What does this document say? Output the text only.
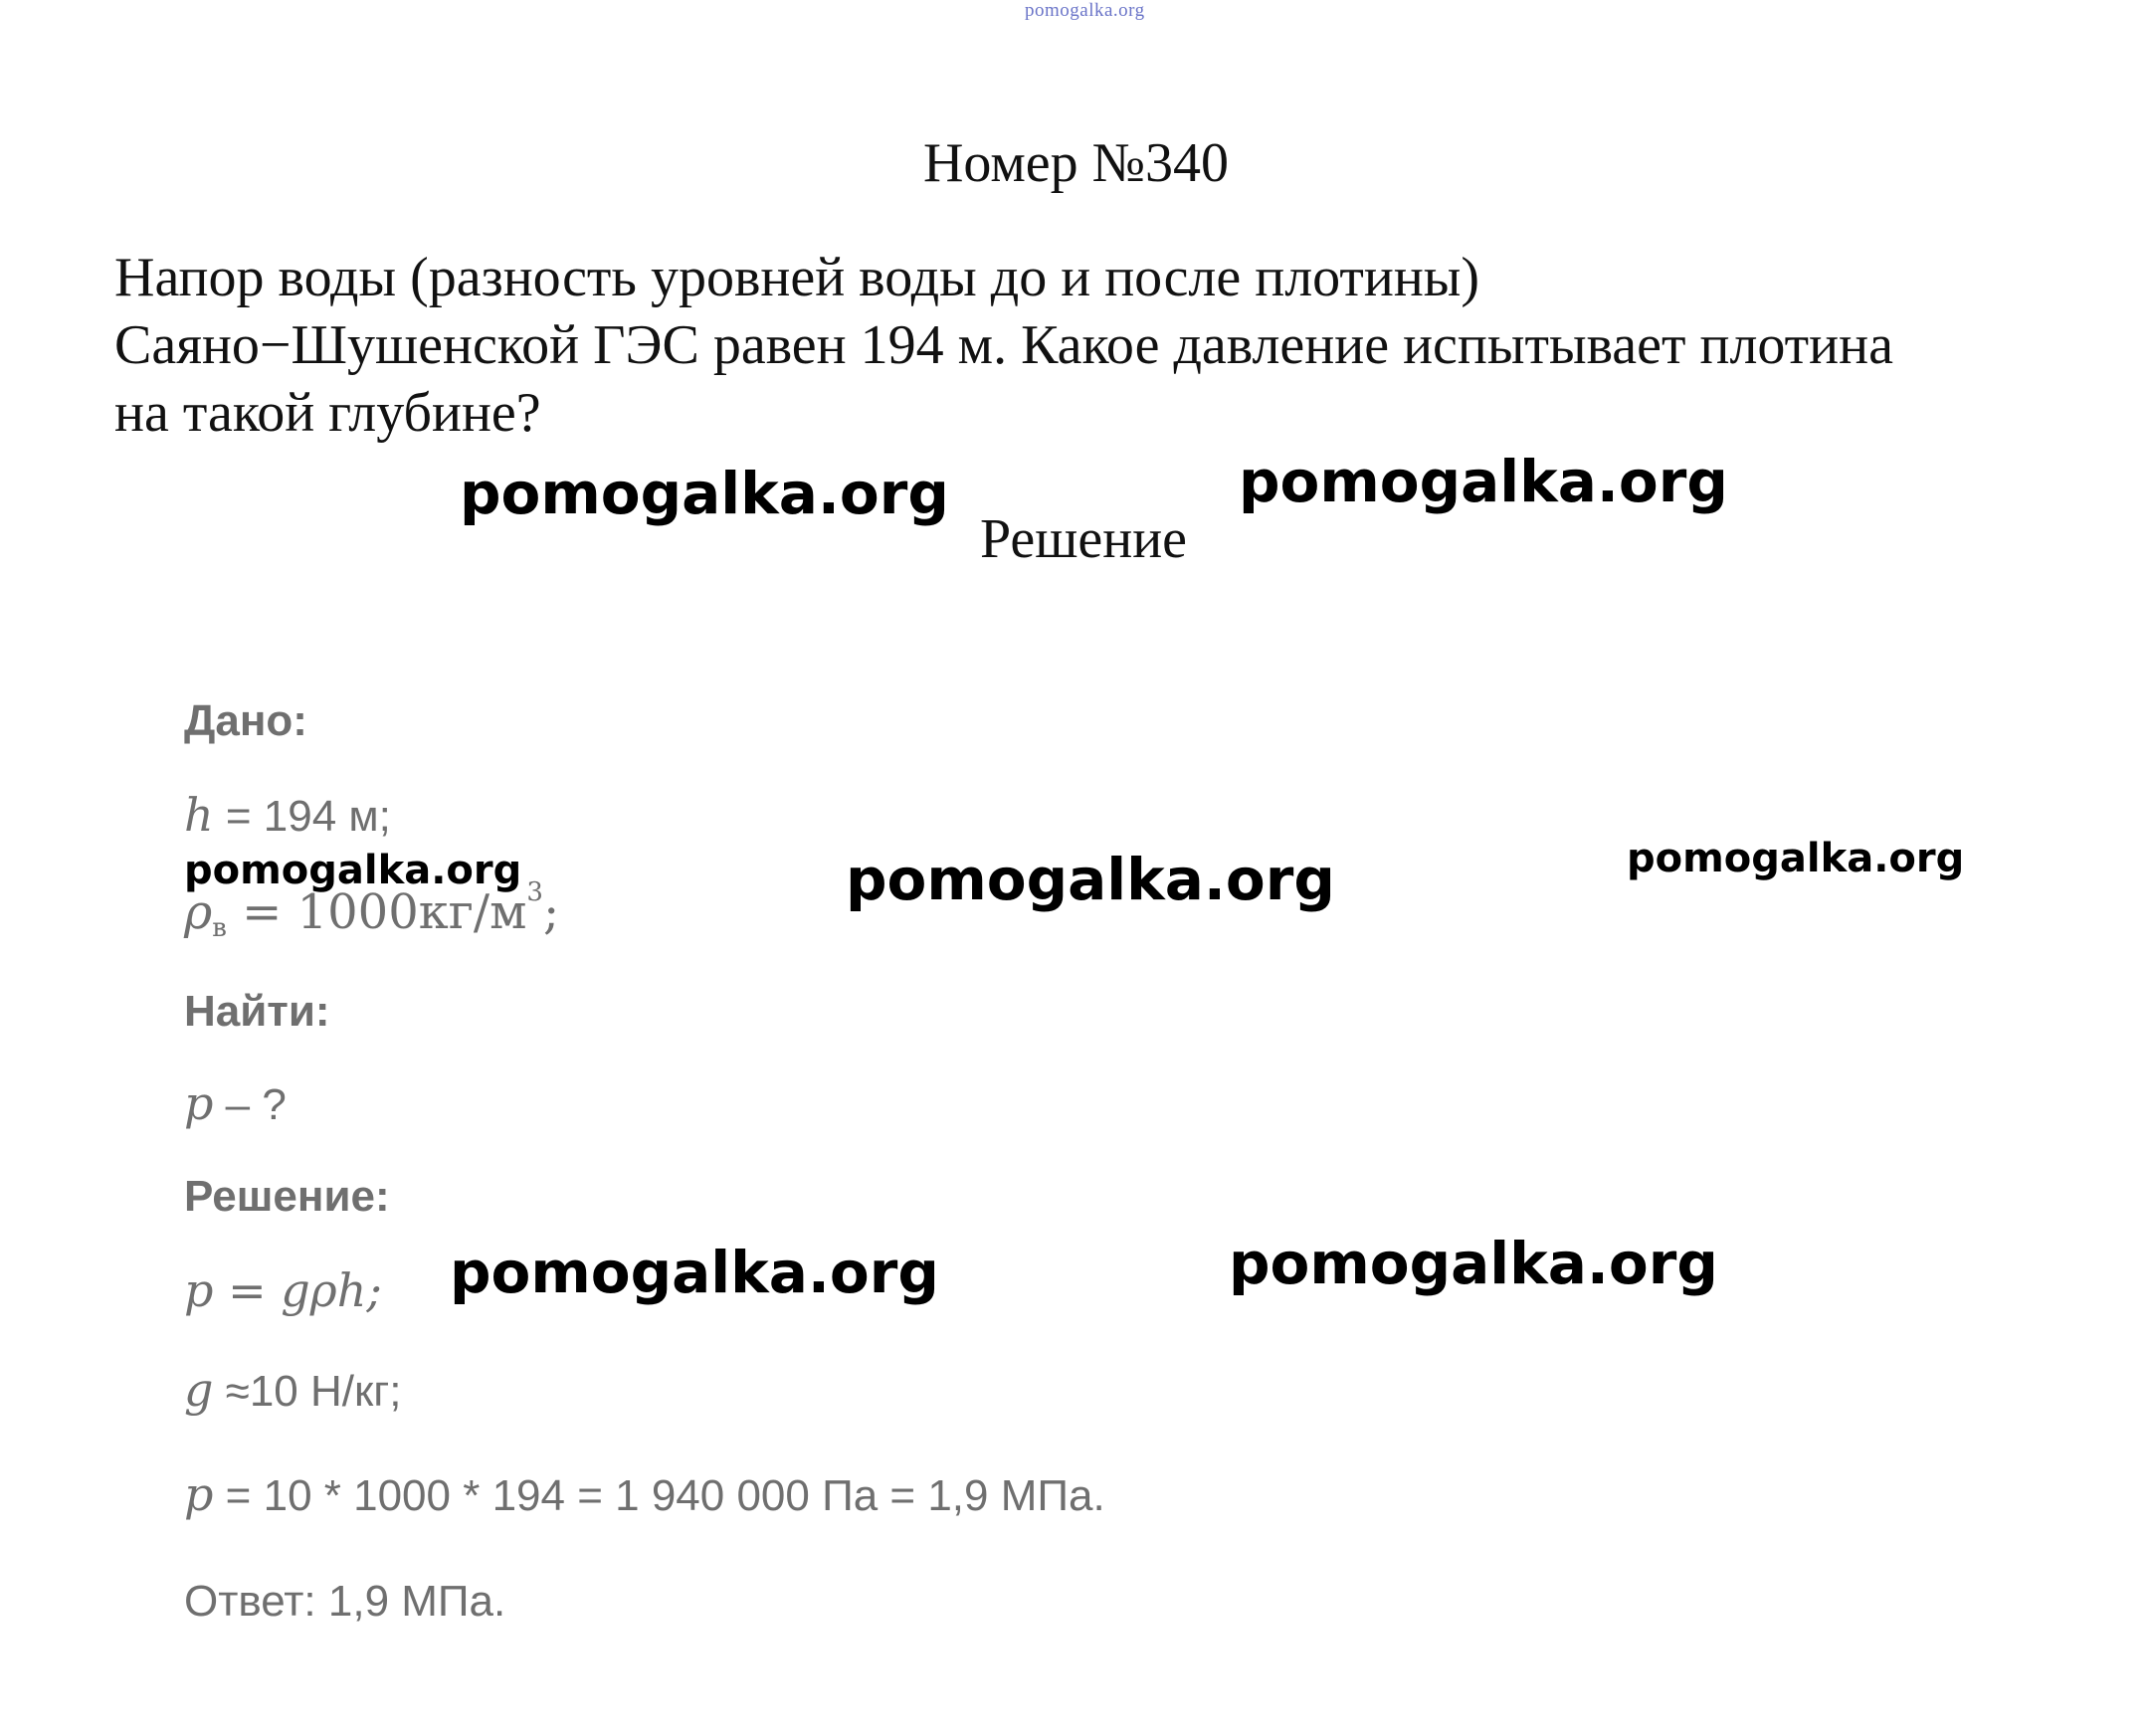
pomogalka.org
Номер №340
Напор воды (разность уровней воды до и после плотины)
Саяно−Шушенской ГЭС равен 194 м. Какое давление испытывает плотина
на такой глубине?
pomogalka.org	pomogalka.org
Решение
Дано:
h = 194 м;
$\rho_в = 1000кг/м^3$;
Найти:
p – ?
Решение:
p = gρh;
g ≈10 Н/кг;
p = 10 * 1000 * 194 = 1 940 000 Па = 1,9 МПа.
Ответ: 1,9 МПа.
pomogalka.org	pomogalka.org	pomogalka.org
pomogalka.org	pomogalka.org
